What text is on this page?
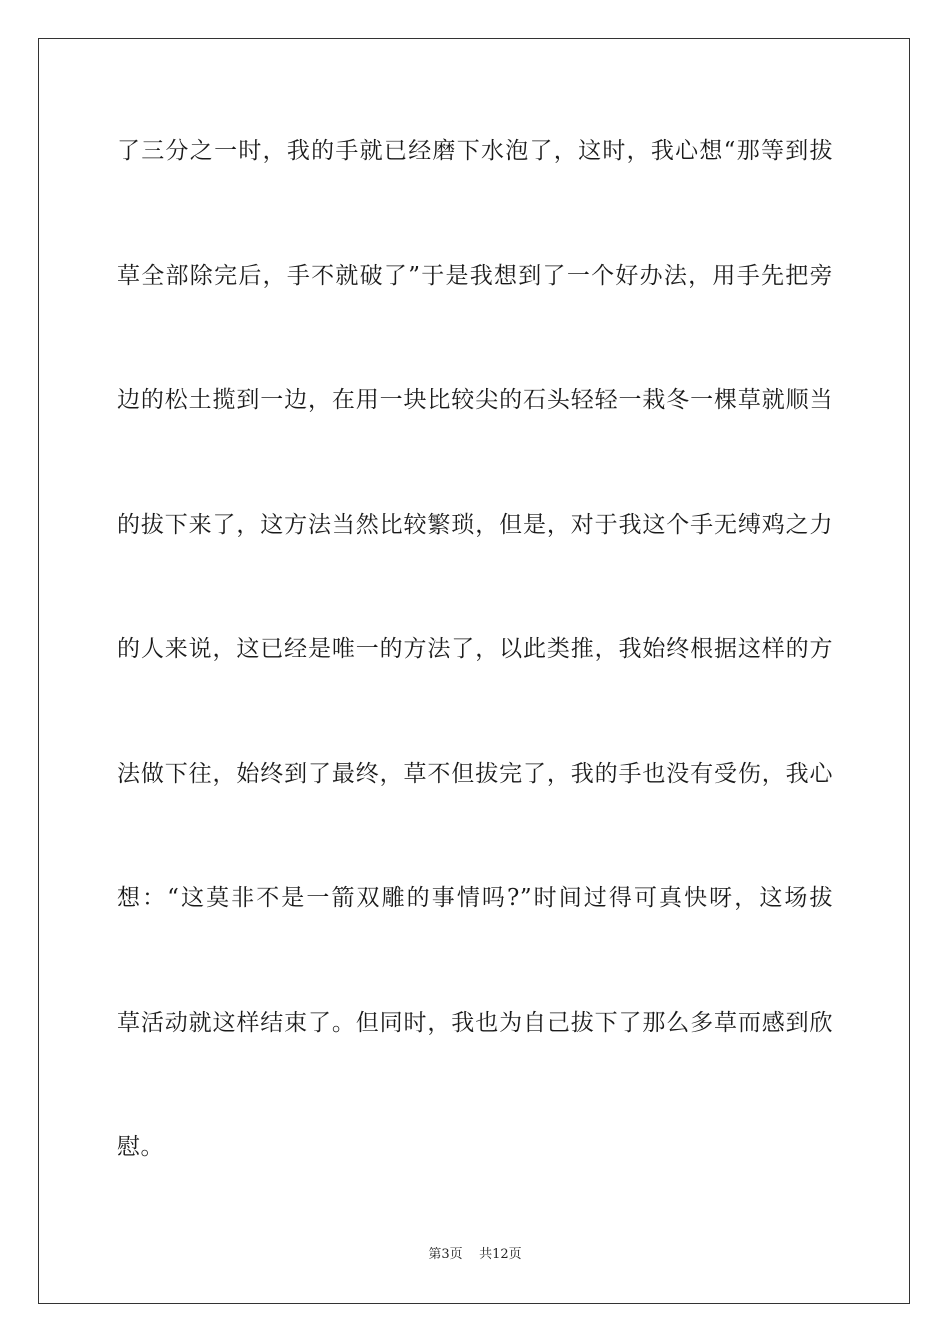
了三分之一时，我的手就已经磨下水泡了，这时，我心想“那等到拔
草全部除完后，手不就破了”于是我想到了一个好办法，用手先把旁
边的松土揽到一边，在用一块比较尖的石头轻轻一栽冬一棵草就顺当
的拔下来了，这方法当然比较繁琐，但是，对于我这个手无缚鸡之力
的人来说，这已经是唯一的方法了，以此类推，我始终根据这样的方
法做下往，始终到了最终，草不但拔完了，我的手也没有受伤，我心
想：“这莫非不是一箭双雕的事情吗?”时间过得可真快呀，这场拔
草活动就这样结束了。但同时，我也为自己拔下了那么多草而感到欣
慰。
第3页 共12页
